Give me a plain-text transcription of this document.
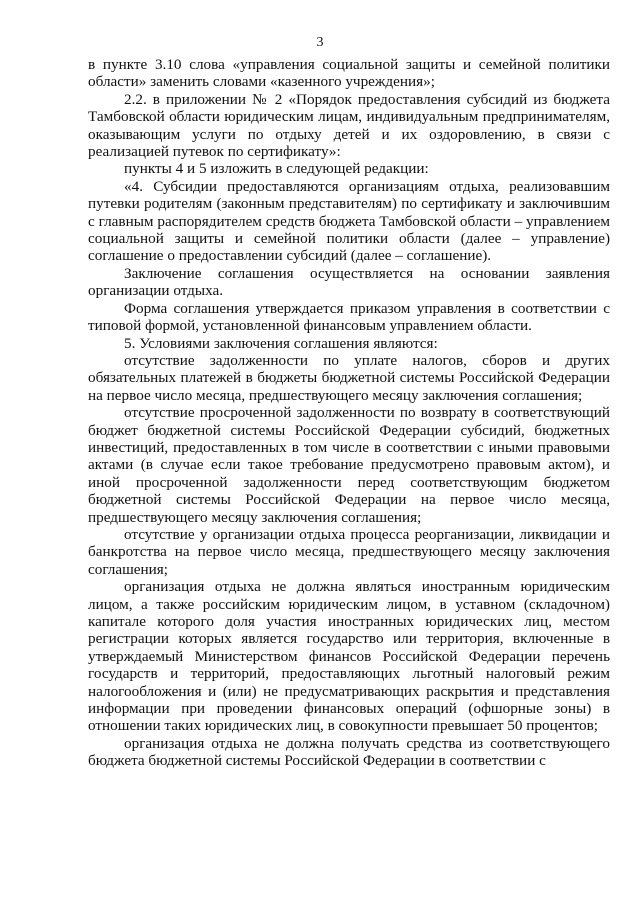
3

в пункте 3.10 слова «управления социальной защиты и семейной политики области» заменить словами «казенного учреждения»;

2.2. в приложении № 2 «Порядок предоставления субсидий из бюджета Тамбовской области юридическим лицам, индивидуальным предпринимателям, оказывающим услуги по отдыху детей и их оздоровлению, в связи с реализацией путевок по сертификату»:

пункты 4 и 5 изложить в следующей редакции:

«4. Субсидии предоставляются организациям отдыха, реализовавшим путевки родителям (законным представителям) по сертификату и заключившим с главным распорядителем средств бюджета Тамбовской области – управлением социальной защиты и семейной политики области (далее – управление) соглашение о предоставлении субсидий (далее – соглашение).

Заключение соглашения осуществляется на основании заявления организации отдыха.

Форма соглашения утверждается приказом управления в соответствии с типовой формой, установленной финансовым управлением области.

5. Условиями заключения соглашения являются:

отсутствие задолженности по уплате налогов, сборов и других обязательных платежей в бюджеты бюджетной системы Российской Федерации на первое число месяца, предшествующего месяцу заключения соглашения;

отсутствие просроченной задолженности по возврату в соответствующий бюджет бюджетной системы Российской Федерации субсидий, бюджетных инвестиций, предоставленных в том числе в соответствии с иными правовыми актами (в случае если такое требование предусмотрено правовым актом), и иной просроченной задолженности перед соответствующим бюджетом бюджетной системы Российской Федерации на первое число месяца, предшествующего месяцу заключения соглашения;

отсутствие у организации отдыха процесса реорганизации, ликвидации и банкротства на первое число месяца, предшествующего месяцу заключения соглашения;

организация отдыха не должна являться иностранным юридическим лицом, а также российским юридическим лицом, в уставном (складочном) капитале которого доля участия иностранных юридических лиц, местом регистрации которых является государство или территория, включенные в утверждаемый Министерством финансов Российской Федерации перечень государств и территорий, предоставляющих льготный налоговый режим налогообложения и (или) не предусматривающих раскрытия и представления информации при проведении финансовых операций (офшорные зоны) в отношении таких юридических лиц, в совокупности превышает 50 процентов;

организация отдыха не должна получать средства из соответствующего бюджета бюджетной системы Российской Федерации в соответствии с
